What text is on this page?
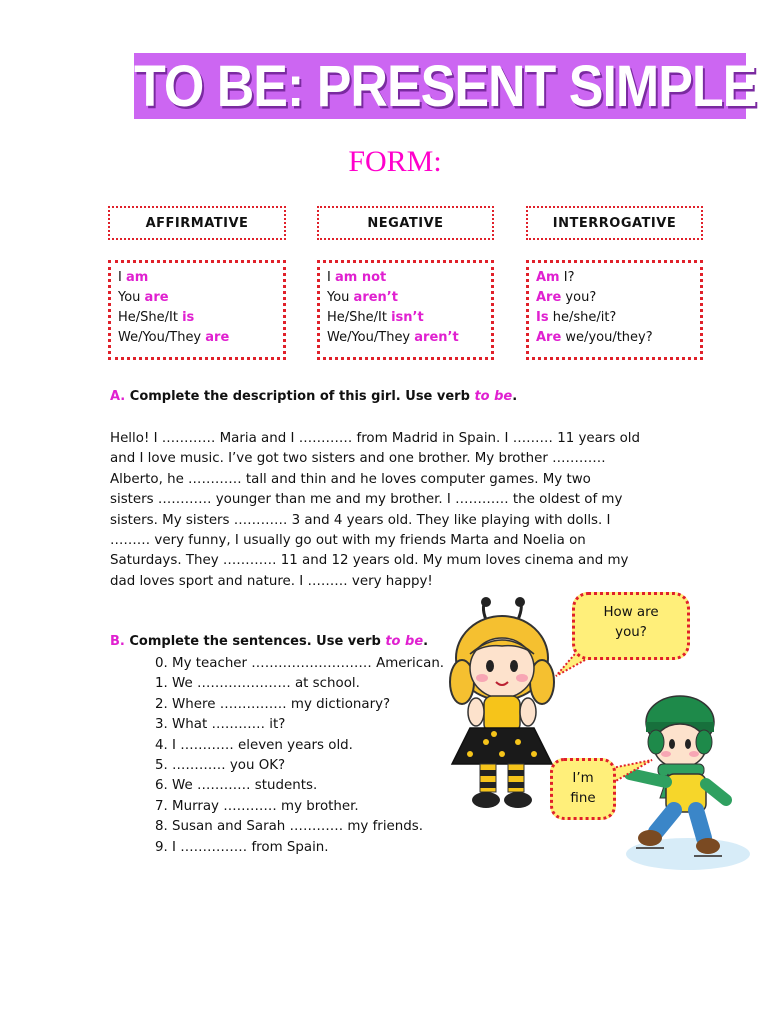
TO BE: PRESENT SIMPLE
FORM:
AFFIRMATIVE	NEGATIVE	INTERROGATIVE
I am
You are
He/She/It is
We/You/They are
I am not
You aren’t
He/She/It isn’t
We/You/They aren’t
Am I?
Are you?
Is he/she/it?
Are we/you/they?
A. Complete the description of this girl. Use verb to be.
Hello! I ………… Maria and I ………… from Madrid in Spain. I ……… 11 years old
and I love music. I’ve got two sisters and one brother. My brother …………
Alberto, he ………… tall and thin and he loves computer games. My two
sisters ………… younger than me and my brother. I ………… the oldest of my
sisters. My sisters ………… 3 and 4 years old. They like playing with dolls. I
……… very funny, I usually go out with my friends Marta and Noelia on
Saturdays. They ………… 11 and 12 years old. My mum loves cinema and my
dad loves sport and nature. I ……… very happy!
B. Complete the sentences. Use verb to be.
0. My teacher ……………………… American.
1. We ………………… at school.
2. Where …………… my dictionary?
3. What ………… it?
4. I ………… eleven years old.
5. ………… you OK?
6. We ………… students.
7. Murray ………… my brother.
8. Susan and Sarah ………… my friends.
9. I …………… from Spain.
How are
you?
I’m
fine
